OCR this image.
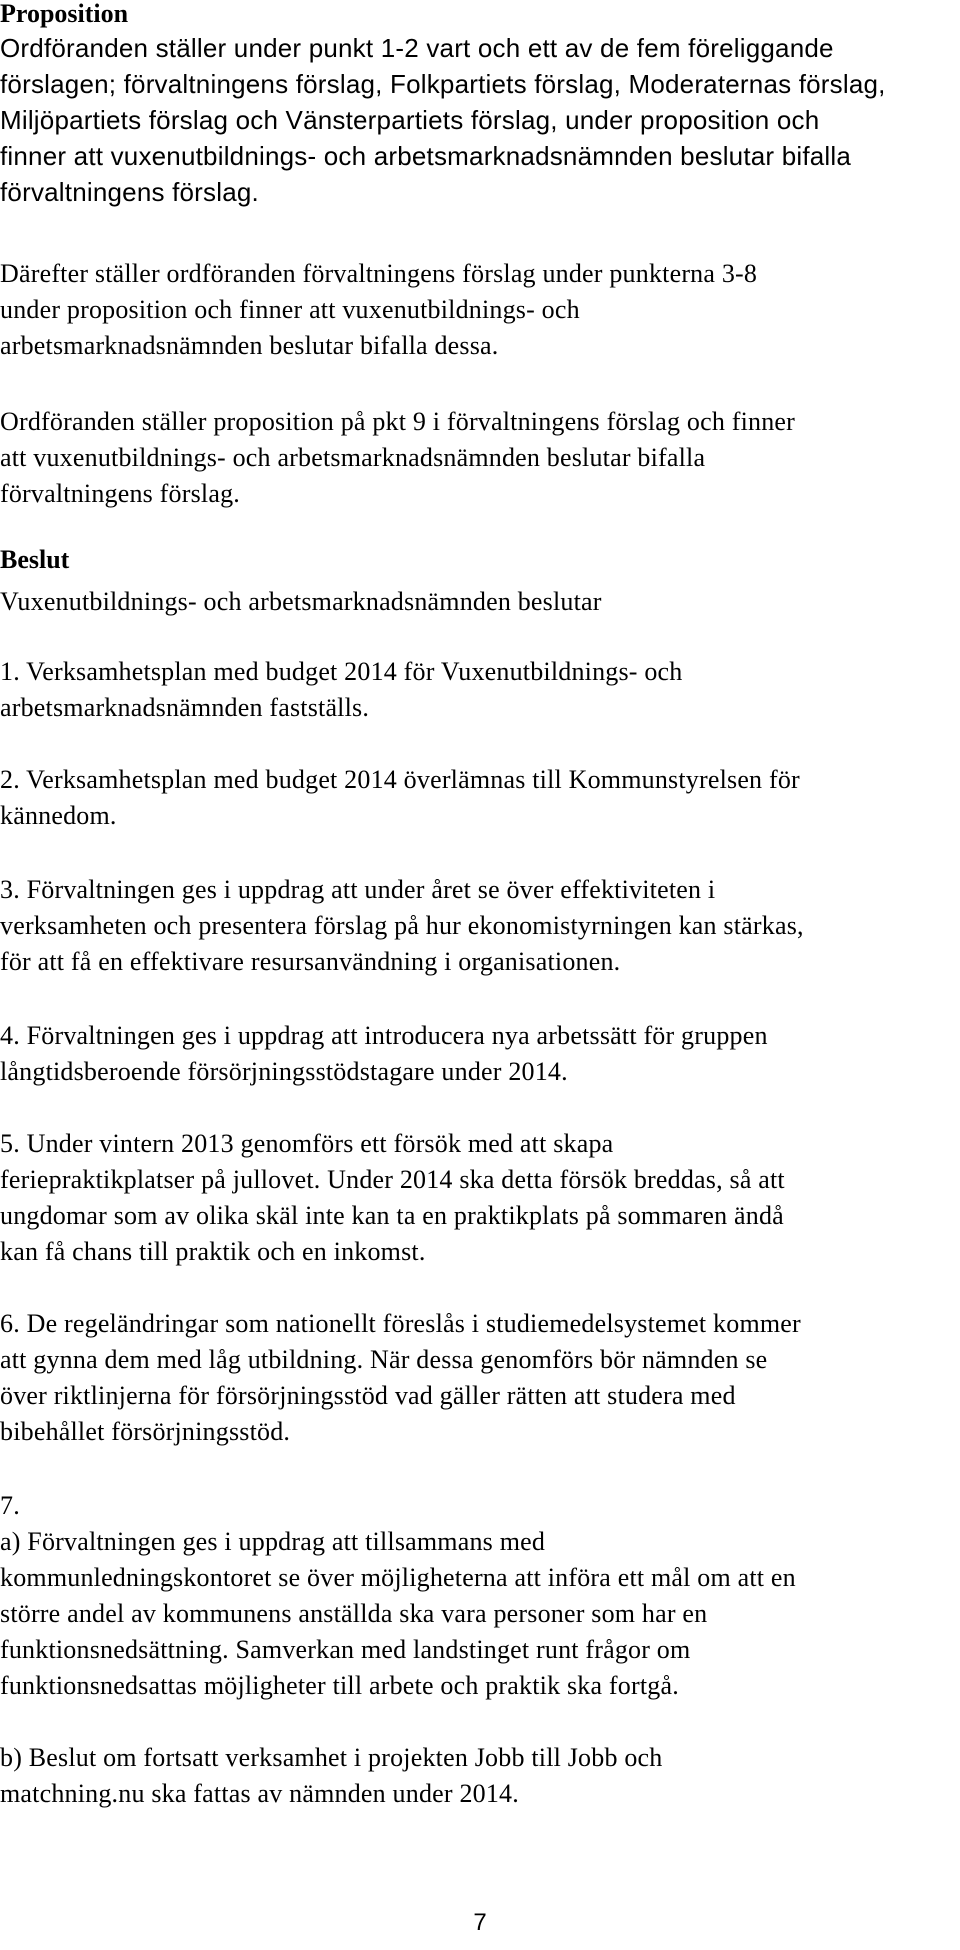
Proposition
Ordföranden ställer under punkt 1-2 vart och ett av de fem föreliggande
förslagen; förvaltningens förslag, Folkpartiets förslag, Moderaternas förslag,
Miljöpartiets förslag och Vänsterpartiets förslag, under proposition och
finner att vuxenutbildnings- och arbetsmarknadsnämnden beslutar bifalla
förvaltningens förslag.
Därefter ställer ordföranden förvaltningens förslag under punkterna 3-8
under proposition och finner att vuxenutbildnings- och
arbetsmarknadsnämnden beslutar bifalla dessa.
Ordföranden ställer proposition på pkt 9 i förvaltningens förslag och finner
att vuxenutbildnings- och arbetsmarknadsnämnden beslutar bifalla
förvaltningens förslag.
Beslut
Vuxenutbildnings- och arbetsmarknadsnämnden beslutar
1. Verksamhetsplan med budget 2014 för Vuxenutbildnings- och
arbetsmarknadsnämnden fastställs.
2. Verksamhetsplan med budget 2014 överlämnas till Kommunstyrelsen för
kännedom.
3. Förvaltningen ges i uppdrag att under året se över effektiviteten i
verksamheten och presentera förslag på hur ekonomistyrningen kan stärkas,
för att få en effektivare resursanvändning i organisationen.
4. Förvaltningen ges i uppdrag att introducera nya arbetssätt för gruppen
långtidsberoende försörjningsstödstagare under 2014.
5. Under vintern 2013 genomförs ett försök med att skapa
feriepraktikplatser på jullovet. Under 2014 ska detta försök breddas, så att
ungdomar som av olika skäl inte kan ta en praktikplats på sommaren ändå
kan få chans till praktik och en inkomst.
6. De regeländringar som nationellt föreslås i studiemedelsystemet kommer
att gynna dem med låg utbildning. När dessa genomförs bör nämnden se
över riktlinjerna för försörjningsstöd vad gäller rätten att studera med
bibehållet försörjningsstöd.
7.
a) Förvaltningen ges i uppdrag att tillsammans med
kommunledningskontoret se över möjligheterna att införa ett mål om att en
större andel av kommunens anställda ska vara personer som har en
funktionsnedsättning. Samverkan med landstinget runt frågor om
funktionsnedsattas möjligheter till arbete och praktik ska fortgå.
b) Beslut om fortsatt verksamhet i projekten Jobb till Jobb och
matchning.nu ska fattas av nämnden under 2014.
7
